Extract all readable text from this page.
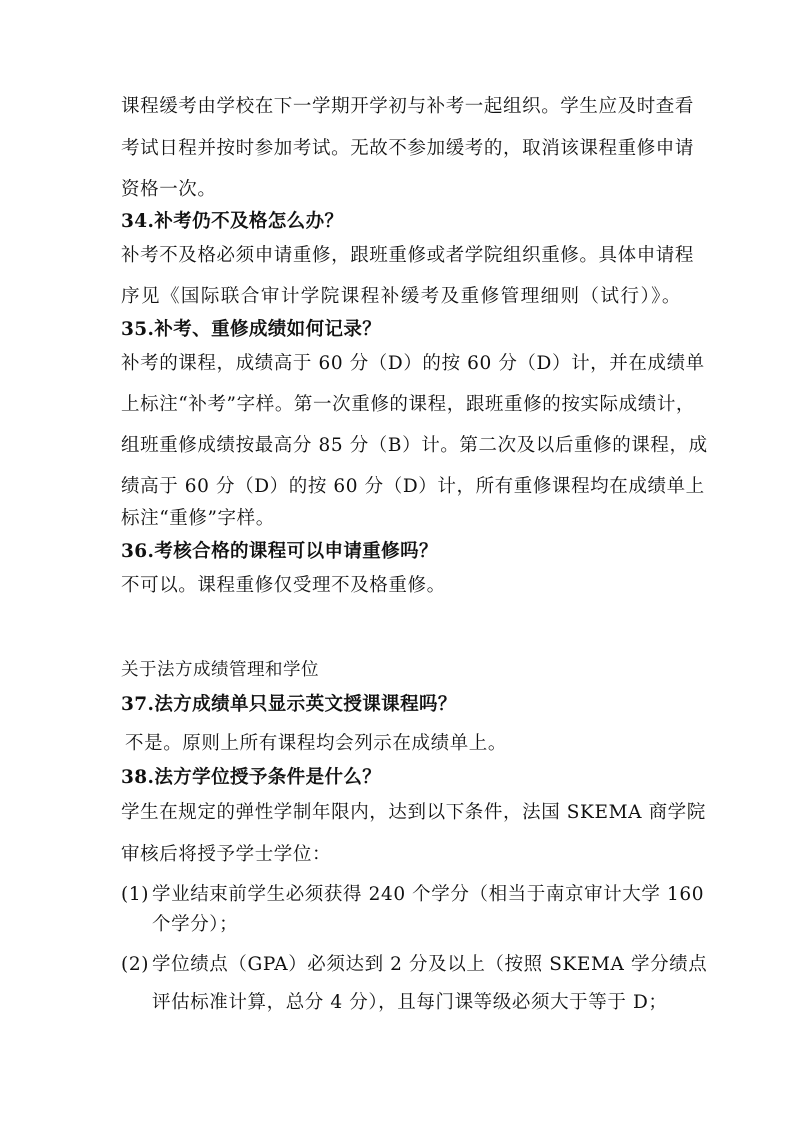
课程缓考由学校在下一学期开学初与补考一起组织。学生应及时查看

考试日程并按时参加考试。无故不参加缓考的，取消该课程重修申请

资格一次。

34.补考仍不及格怎么办？

补考不及格必须申请重修，跟班重修或者学院组织重修。具体申请程

序见《国际联合审计学院课程补缓考及重修管理细则（试行）》。

35.补考、重修成绩如何记录？

补考的课程，成绩高于 60 分（D）的按 60 分（D）计，并在成绩单

上标注“补考”字样。第一次重修的课程，跟班重修的按实际成绩计，

组班重修成绩按最高分 85 分（B）计。第二次及以后重修的课程，成

绩高于 60 分（D）的按 60 分（D）计，所有重修课程均在成绩单上

标注“重修”字样。

36.考核合格的课程可以申请重修吗？

不可以。课程重修仅受理不及格重修。

关于法方成绩管理和学位

37.法方成绩单只显示英文授课课程吗？

不是。原则上所有课程均会列示在成绩单上。

38.法方学位授予条件是什么？

学生在规定的弹性学制年限内，达到以下条件，法国 SKEMA 商学院

审核后将授予学士学位：

(1) 学业结束前学生必须获得 240 个学分（相当于南京审计大学 160

个学分）；

(2) 学位绩点（GPA）必须达到 2 分及以上（按照 SKEMA 学分绩点

评估标准计算，总分 4 分），且每门课等级必须大于等于 D；
